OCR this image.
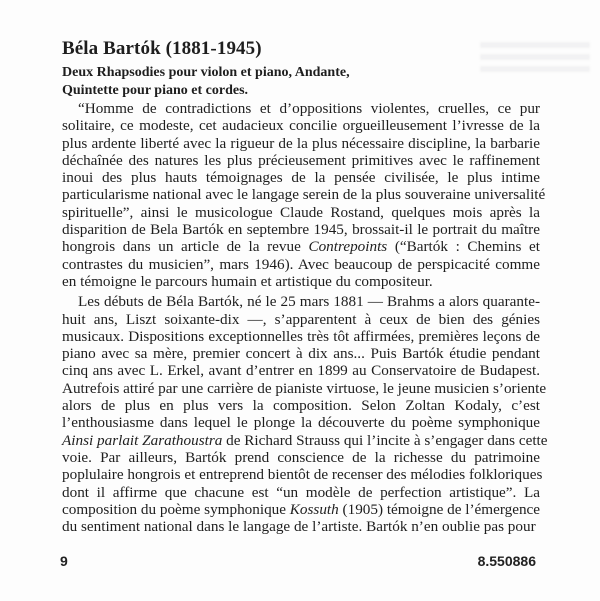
Béla Bartók (1881-1945)
Deux Rhapsodies pour violon et piano, Andante,
Quintette pour piano et cordes.
“Homme de contradictions et d’oppositions violentes, cruelles, ce pur
solitaire, ce modeste, cet audacieux concilie orgueilleusement l’ivresse de la
plus ardente liberté avec la rigueur de la plus nécessaire discipline, la barbarie
déchaînée des natures les plus précieusement primitives avec le raffinement
inoui des plus hauts témoignages de la pensée civilisée, le plus intime
particularisme national avec le langage serein de la plus souveraine universalité
spirituelle”, ainsi le musicologue Claude Rostand, quelques mois après la
disparition de Bela Bartók en septembre 1945, brossait-il le portrait du maître
hongrois dans un article de la revue Contrepoints (“Bartók : Chemins et
contrastes du musicien”, mars 1946). Avec beaucoup de perspicacité comme
en témoigne le parcours humain et artistique du compositeur.
Les débuts de Béla Bartók, né le 25 mars 1881 — Brahms a alors quarante-
huit ans, Liszt soixante-dix —, s’apparentent à ceux de bien des génies
musicaux. Dispositions exceptionnelles très tôt affirmées, premières leçons de
piano avec sa mère, premier concert à dix ans... Puis Bartók étudie pendant
cinq ans avec L. Erkel, avant d’entrer en 1899 au Conservatoire de Budapest.
Autrefois attiré par une carrière de pianiste virtuose, le jeune musicien s’oriente
alors de plus en plus vers la composition. Selon Zoltan Kodaly, c’est
l’enthousiasme dans lequel le plonge la découverte du poème symphonique
Ainsi parlait Zarathoustra de Richard Strauss qui l’incite à s’engager dans cette
voie. Par ailleurs, Bartók prend conscience de la richesse du patrimoine
poplulaire hongrois et entreprend bientôt de recenser des mélodies folkloriques
dont il affirme que chacune est “un modèle de perfection artistique”. La
composition du poème symphonique Kossuth (1905) témoigne de l’émergence
du sentiment national dans le langage de l’artiste. Bartók n’en oublie pas pour
9	8.550886
